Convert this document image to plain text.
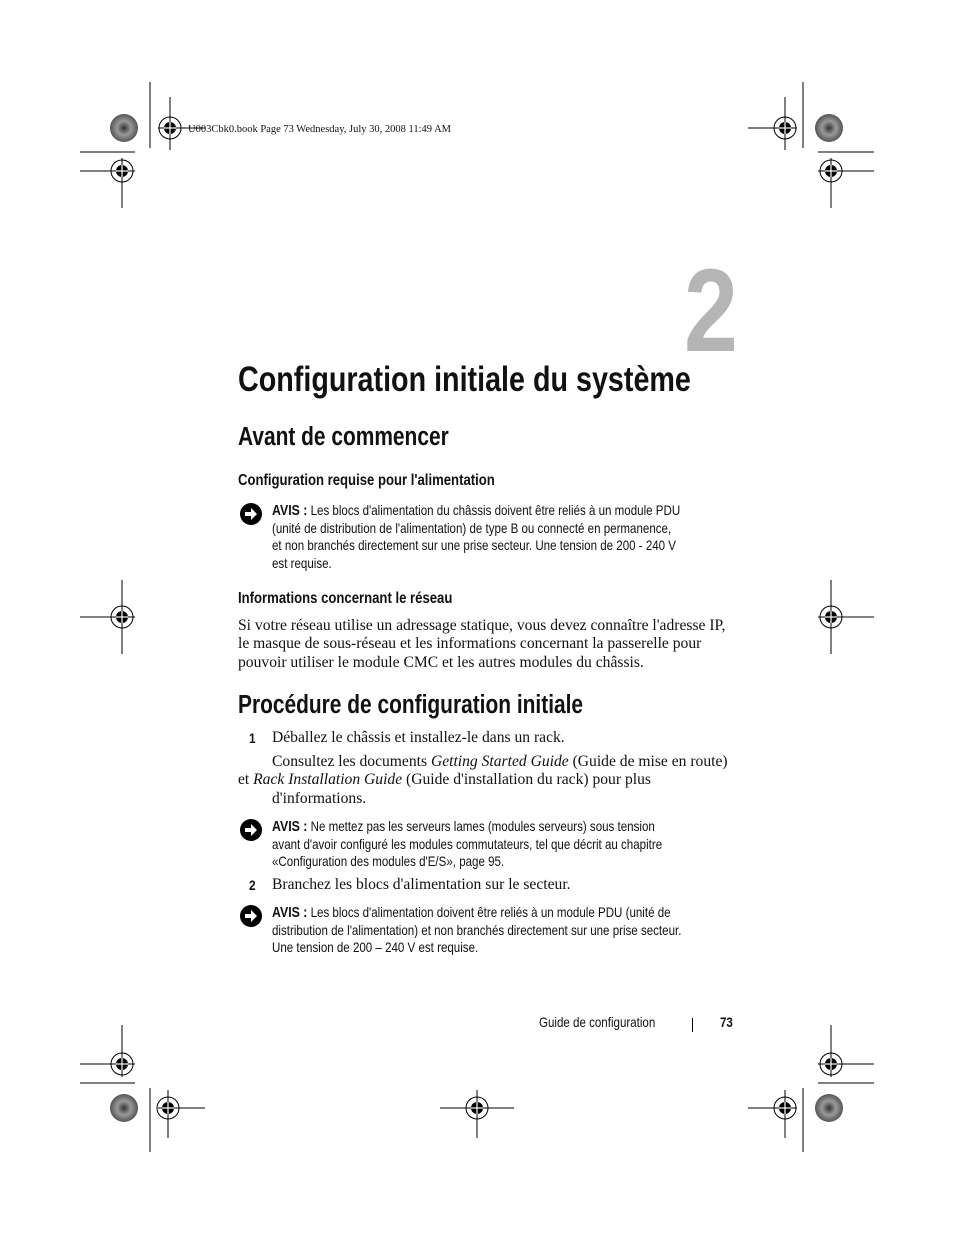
U003Cbk0.book Page 73 Wednesday, July 30, 2008 11:49 AM
2
Configuration initiale du système
Avant de commencer
Configuration requise pour l'alimentation
AVIS : Les blocs d'alimentation du châssis doivent être reliés à un module PDU
(unité de distribution de l'alimentation) de type B ou connecté en permanence,
et non branchés directement sur une prise secteur. Une tension de 200 - 240 V
est requise.
Informations concernant le réseau
Si votre réseau utilise un adressage statique, vous devez connaître l'adresse IP,
le masque de sous-réseau et les informations concernant la passerelle pour
pouvoir utiliser le module CMC et les autres modules du châssis.
Procédure de configuration initiale
1 Déballez le châssis et installez-le dans un rack.
Consultez les documents Getting Started Guide (Guide de mise en route)
et Rack Installation Guide (Guide d'installation du rack) pour plus
d'informations.
AVIS : Ne mettez pas les serveurs lames (modules serveurs) sous tension
avant d'avoir configuré les modules commutateurs, tel que décrit au chapitre
«Configuration des modules d'E/S», page 95.
2 Branchez les blocs d'alimentation sur le secteur.
AVIS : Les blocs d'alimentation doivent être reliés à un module PDU (unité de
distribution de l'alimentation) et non branchés directement sur une prise secteur.
Une tension de 200 – 240 V est requise.
Guide de configuration	73
